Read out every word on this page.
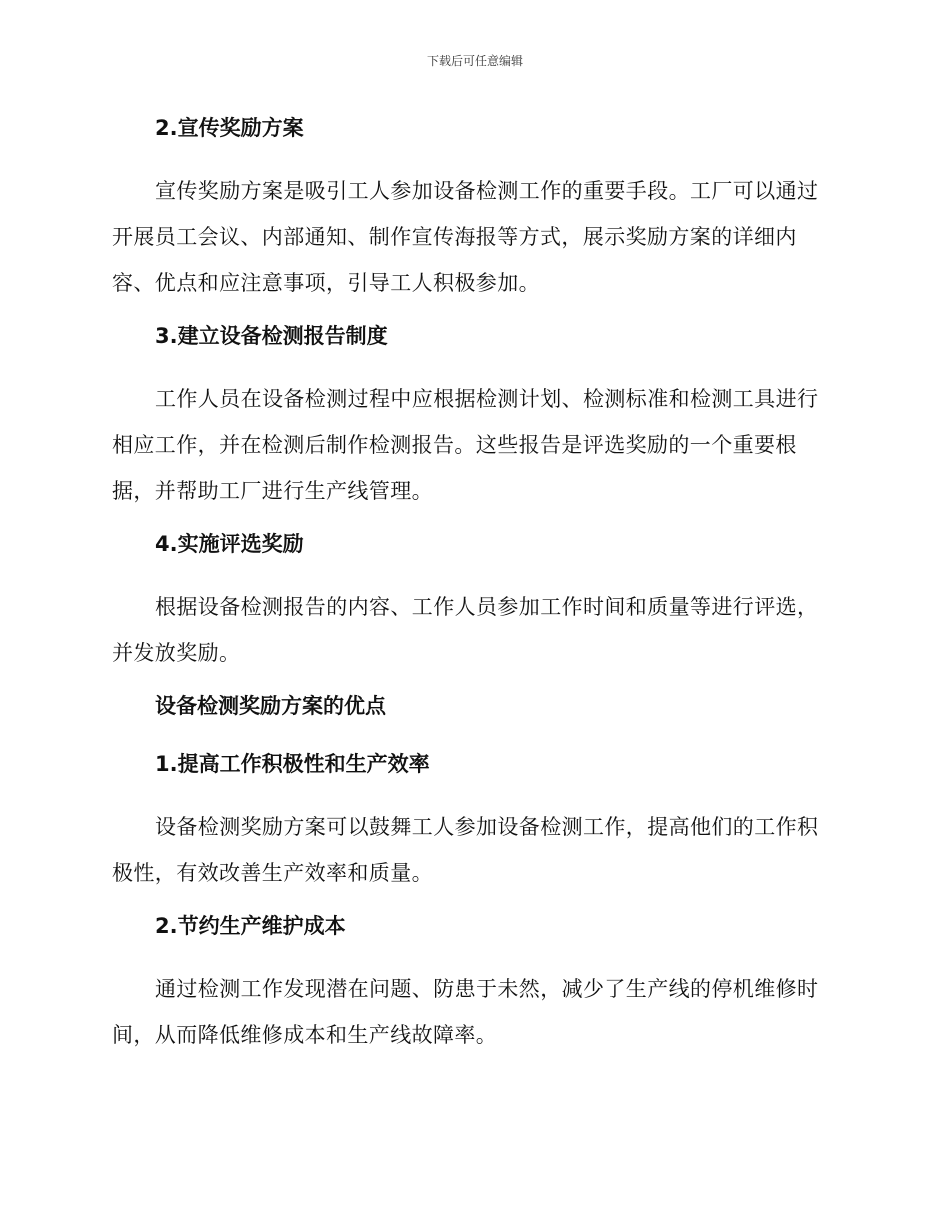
下载后可任意编辑
2.宣传奖励方案

宣传奖励方案是吸引工人参加设备检测工作的重要手段。工厂可以通过开展员工会议、内部通知、制作宣传海报等方式，展示奖励方案的详细内容、优点和应注意事项，引导工人积极参加。

3.建立设备检测报告制度

工作人员在设备检测过程中应根据检测计划、检测标准和检测工具进行相应工作，并在检测后制作检测报告。这些报告是评选奖励的一个重要根据，并帮助工厂进行生产线管理。

4.实施评选奖励

根据设备检测报告的内容、工作人员参加工作时间和质量等进行评选，并发放奖励。

设备检测奖励方案的优点
1.提高工作积极性和生产效率

设备检测奖励方案可以鼓舞工人参加设备检测工作，提高他们的工作积极性，有效改善生产效率和质量。

2.节约生产维护成本

通过检测工作发现潜在问题、防患于未然，减少了生产线的停机维修时间，从而降低维修成本和生产线故障率。
